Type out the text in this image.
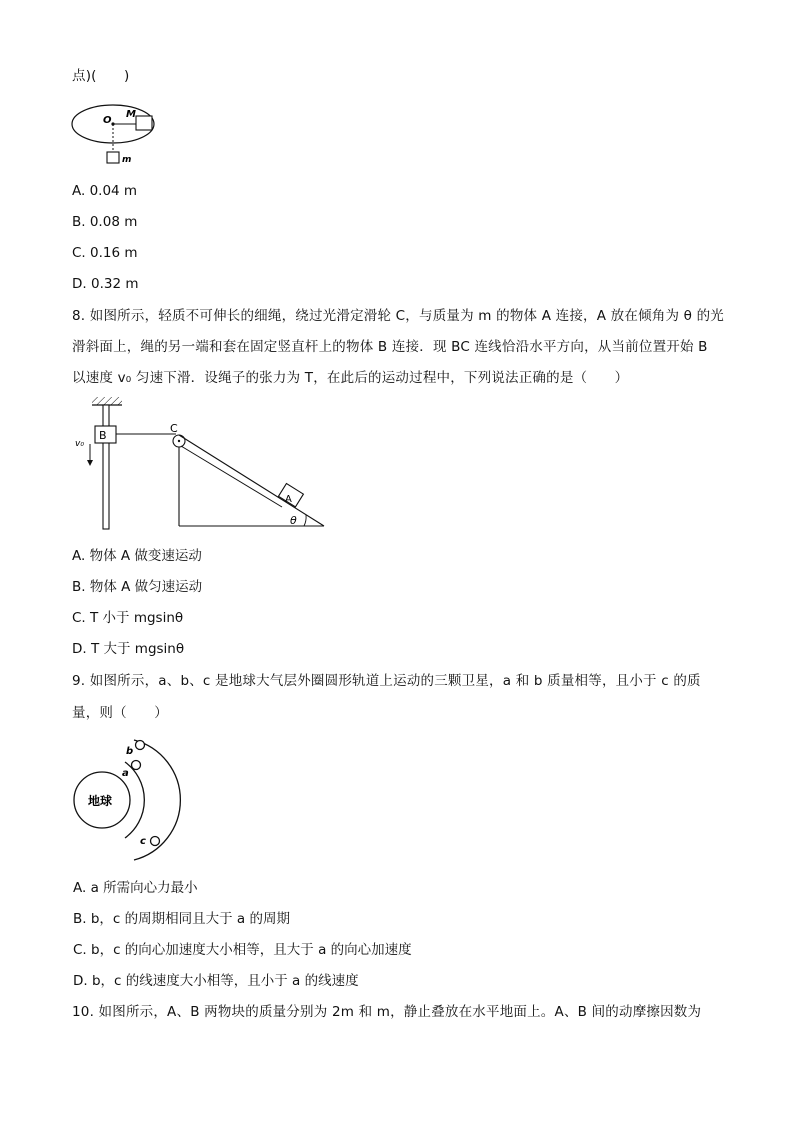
点)(　　)
O
M
m
A. 0.04 m
B. 0.08 m
C. 0.16 m
D. 0.32 m
8. 如图所示，轻质不可伸长的细绳，绕过光滑定滑轮 C，与质量为 m 的物体 A 连接，A 放在倾角为 θ 的光
滑斜面上，绳的另一端和套在固定竖直杆上的物体 B 连接．现 BC 连线恰沿水平方向，从当前位置开始 B
以速度 v₀ 匀速下滑．设绳子的张力为 T，在此后的运动过程中，下列说法正确的是（　　）
B
v₀
C
A
θ
A. 物体 A 做变速运动
B. 物体 A 做匀速运动
C. T 小于 mgsinθ
D. T 大于 mgsinθ
9. 如图所示，a、b、c 是地球大气层外圈圆形轨道上运动的三颗卫星，a 和 b 质量相等，且小于 c 的质
量，则（　　）
地球
a
b
c
A. a 所需向心力最小
B. b，c 的周期相同且大于 a 的周期
C. b，c 的向心加速度大小相等，且大于 a 的向心加速度
D. b，c 的线速度大小相等，且小于 a 的线速度
10. 如图所示，A、B 两物块的质量分别为 2m 和 m，静止叠放在水平地面上。A、B 间的动摩擦因数为
